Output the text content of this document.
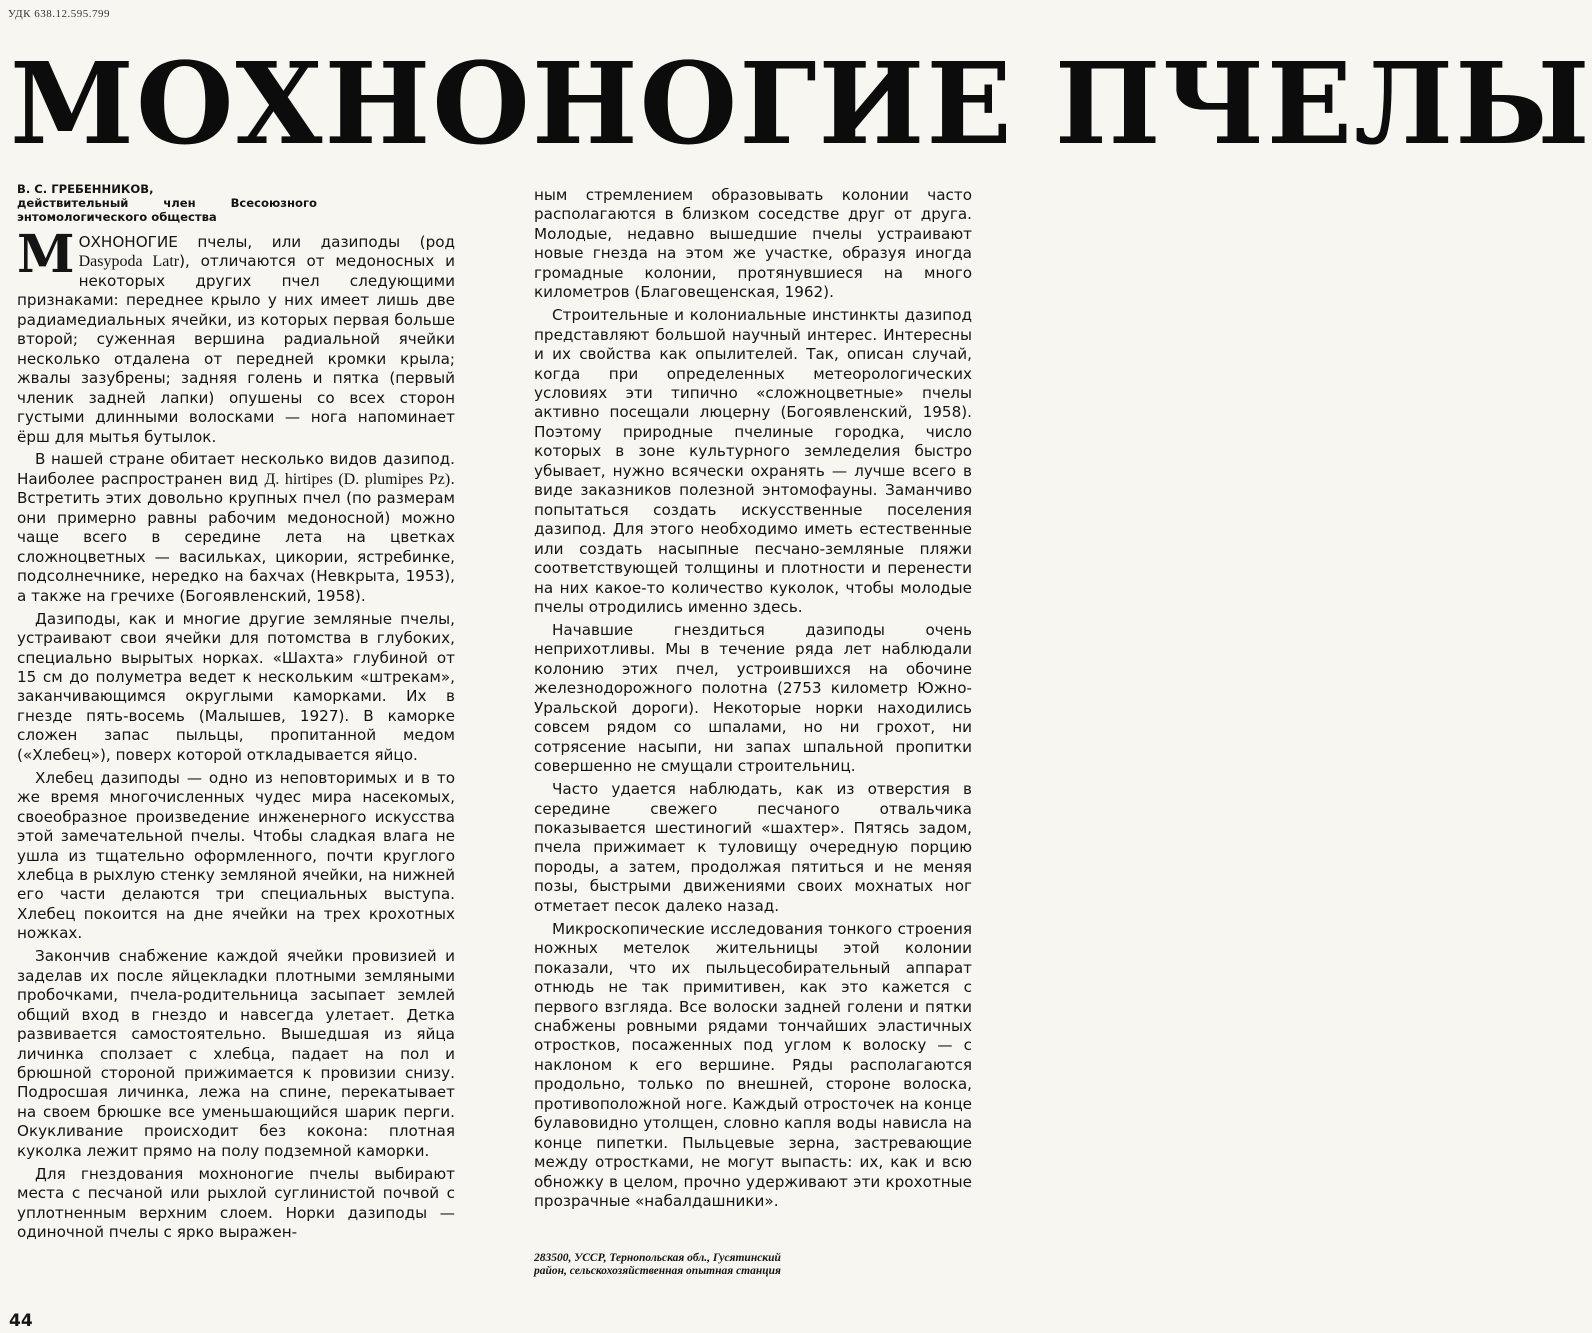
УДК 638.12.595.799
МОХНОНОГИЕ ПЧЕЛЫ
В. С. ГРЕБЕННИКОВ,
действительный член Всесоюзного энтомологического общества

МОХНОНОГИЕ пчелы, или дазиподы (род Dasypoda Latr), отличаются от медоносных и некоторых других пчел следующими признаками: переднее крыло у них имеет лишь две радиамедиальных ячейки, из которых первая больше второй; суженная вершина радиальной ячейки несколько отдалена от передней кромки крыла; жвалы зазубрены; задняя голень и пятка (первый членик задней лапки) опушены со всех сторон густыми длинными волосками — нога напоминает ёрш для мытья бутылок.

В нашей стране обитает несколько видов дазипод. Наиболее распространен вид Д. hirtipes (D. plumipes Pz). Встретить этих довольно крупных пчел (по размерам они примерно равны рабочим медоносной) можно чаще всего в середине лета на цветках сложноцветных — васильках, цикории, ястребинке, подсолнечнике, нередко на бахчах (Невкрыта, 1953), а также на гречихе (Богоявленский, 1958).

Дазиподы, как и многие другие земляные пчелы, устраивают свои ячейки для потомства в глубоких, специально вырытых норках. «Шахта» глубиной от 15 см до полуметра ведет к нескольким «штрекам», заканчивающимся округлыми каморками. Их в гнезде пять-восемь (Малышев, 1927). В каморке сложен запас пыльцы, пропитанной медом («Хлебец»), поверх которой откладывается яйцо.

Хлебец дазиподы — одно из неповторимых и в то же время многочисленных чудес мира насекомых, своеобразное произведение инженерного искусства этой замечательной пчелы. Чтобы сладкая влага не ушла из тщательно оформленного, почти круглого хлебца в рыхлую стенку земляной ячейки, на нижней его части делаются три специальных выступа. Хлебец покоится на дне ячейки на трех крохотных ножках.

Закончив снабжение каждой ячейки провизией и заделав их после яйцекладки плотными земляными пробочками, пчела-родительница засыпает землей общий вход в гнездо и навсегда улетает. Детка развивается самостоятельно. Вышедшая из яйца личинка сползает с хлебца, падает на пол и брюшной стороной прижимается к провизии снизу. Подросшая личинка, лежа на спине, перекатывает на своем брюшке все уменьшающийся шарик перги. Окукливание происходит без кокона: плотная куколка лежит прямо на полу подземной каморки.

Для гнездования мохноногие пчелы выбирают места с песчаной или рыхлой суглинистой почвой с уплотненным верхним слоем. Норки дазиподы — одиночной пчелы с ярко выражен-

ным стремлением образовывать колонии часто располагаются в близком соседстве друг от друга. Молодые, недавно вышедшие пчелы устраивают новые гнезда на этом же участке, образуя иногда громадные колонии, протянувшиеся на много километров (Благовещенская, 1962).

Строительные и колониальные инстинкты дазипод представляют большой научный интерес. Интересны и их свойства как опылителей. Так, описан случай, когда при определенных метеорологических условиях эти типично «сложноцветные» пчелы активно посещали люцерну (Богоявленский, 1958). Поэтому природные пчелиные городка, число которых в зоне культурного земледелия быстро убывает, нужно всячески охранять — лучше всего в виде заказников полезной энтомофауны. Заманчиво попытаться создать искусственные поселения дазипод. Для этого необходимо иметь естественные или создать насыпные песчано-земляные пляжи соответствующей толщины и плотности и перенести на них какое-то количество куколок, чтобы молодые пчелы отродились именно здесь.

Начавшие гнездиться дазиподы очень неприхотливы. Мы в течение ряда лет наблюдали колонию этих пчел, устроившихся на обочине железнодорожного полотна (2753 километр Южно-Уральской дороги). Некоторые норки находились совсем рядом со шпалами, но ни грохот, ни сотрясение насыпи, ни запах шпальной пропитки совершенно не смущали строительниц.

Часто удается наблюдать, как из отверстия в середине свежего песчаного отвальчика показывается шестиногий «шахтер». Пятясь задом, пчела прижимает к туловищу очередную порцию породы, а затем, продолжая пятиться и не меняя позы, быстрыми движениями своих мохнатых ног отметает песок далеко назад.

Микроскопические исследования тонкого строения ножных метелок жительницы этой колонии показали, что их пыльцесобирательный аппарат отнюдь не так примитивен, как это кажется с первого взгляда. Все волоски задней голени и пятки снабжены ровными рядами тончайших эластичных отростков, посаженных под углом к волоску — с наклоном к его вершине. Ряды располагаются продольно, только по внешней, стороне волоска, противоположной ноге. Каждый отросточек на конце булавовидно утолщен, словно капля воды нависла на конце пипетки. Пыльцевые зерна, застревающие между отростками, не могут выпасть: их, как и всю обножку в целом, прочно удерживают эти крохотные прозрачные «набалдашники».

283500, УССР, Тернопольская обл., Гусятинский район, сельскохозяйственная опытная станция
44
